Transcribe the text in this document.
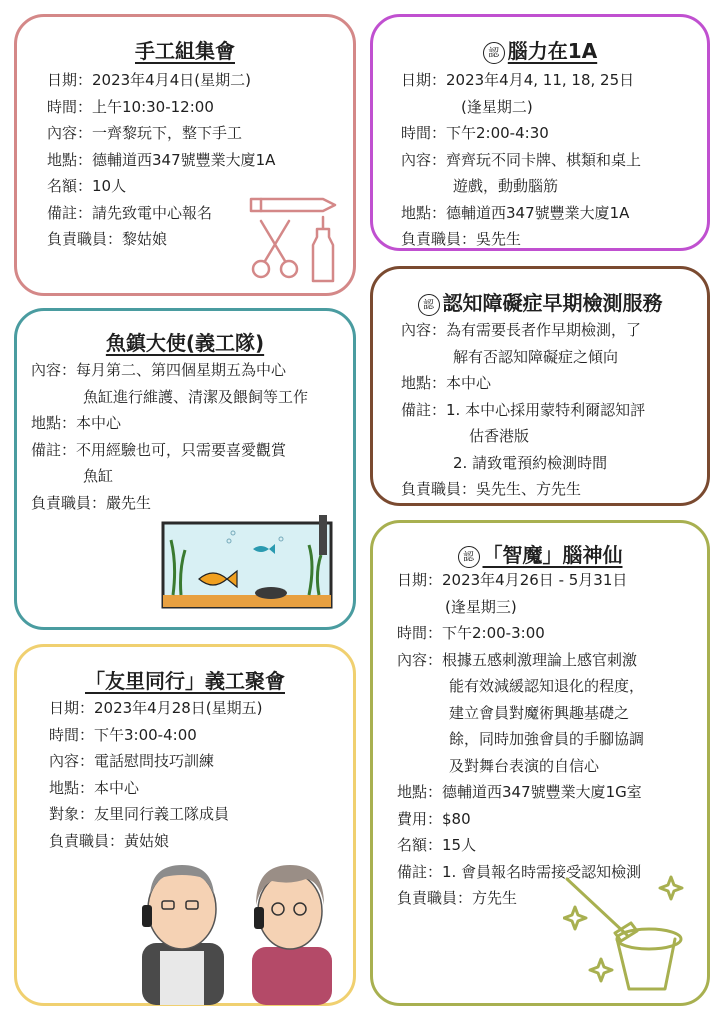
手工組集會
日期：2023年4月4日(星期二)
時間：上午10:30-12:00
內容：一齊黎玩下，整下手工
地點：德輔道西347號豐業大廈1A
名額：10人
備註：請先致電中心報名
負責職員：黎姑娘
認 腦力在1A
日期：2023年4月4, 11, 18, 25日
(逢星期二)
時間：下午2:00-4:30
內容：齊齊玩不同卡牌、棋類和桌上
遊戲，動動腦筋
地點：德輔道西347號豐業大廈1A
負責職員：吳先生
魚鎮大使(義工隊)
內容：每月第二、第四個星期五為中心
魚缸進行維護、清潔及餵飼等工作
地點：本中心
備註：不用經驗也可，只需要喜愛觀賞
魚缸
負責職員：嚴先生
認 認知障礙症早期檢測服務
內容：為有需要長者作早期檢測，了
解有否認知障礙症之傾向
地點：本中心
備註：1. 本中心採用蒙特利爾認知評
估香港版
2. 請致電預約檢測時間
負責職員：吳先生、方先生
「友里同行」義工聚會
日期：2023年4月28日(星期五)
時間：下午3:00-4:00
內容：電話慰問技巧訓練
地點：本中心
對象：友里同行義工隊成員
負責職員：黃姑娘
認 「智魔」腦神仙
日期：2023年4月26日 - 5月31日
(逢星期三)
時間：下午2:00-3:00
內容：根據五感刺激理論上感官刺激
能有效減緩認知退化的程度，
建立會員對魔術興趣基礎之
餘，同時加強會員的手腳協調
及對舞台表演的自信心
地點：德輔道西347號豐業大廈1G室
費用：$80
名額：15人
備註：1. 會員報名時需接受認知檢測
負責職員：方先生
